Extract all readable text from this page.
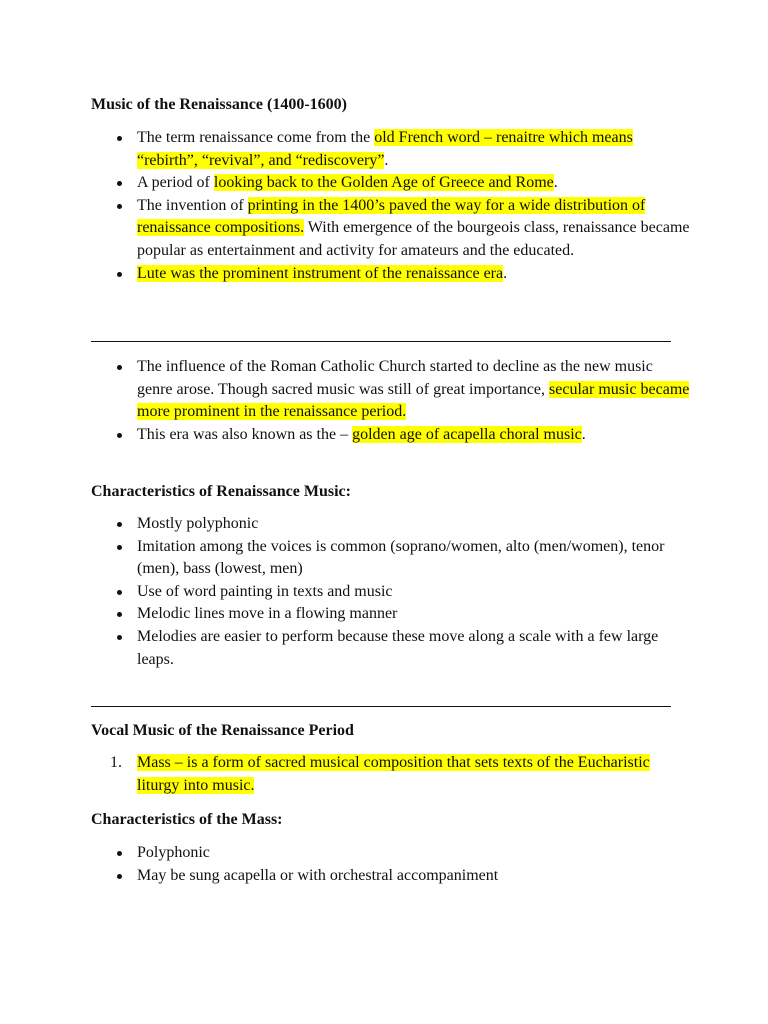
Music of the Renaissance (1400-1600)
The term renaissance come from the old French word – renaitre which means “rebirth”, “revival”, and “rediscovery”.
A period of looking back to the Golden Age of Greece and Rome.
The invention of printing in the 1400’s paved the way for a wide distribution of renaissance compositions. With emergence of the bourgeois class, renaissance became popular as entertainment and activity for amateurs and the educated.
Lute was the prominent instrument of the renaissance era.
The influence of the Roman Catholic Church started to decline as the new music genre arose. Though sacred music was still of great importance, secular music became more prominent in the renaissance period.
This era was also known as the – golden age of acapella choral music.
Characteristics of Renaissance Music:
Mostly polyphonic
Imitation among the voices is common (soprano/women, alto (men/women), tenor (men), bass (lowest, men)
Use of word painting in texts and music
Melodic lines move in a flowing manner
Melodies are easier to perform because these move along a scale with a few large leaps.
Vocal Music of the Renaissance Period
1. Mass – is a form of sacred musical composition that sets texts of the Eucharistic liturgy into music.
Characteristics of the Mass:
Polyphonic
May be sung acapella or with orchestral accompaniment
